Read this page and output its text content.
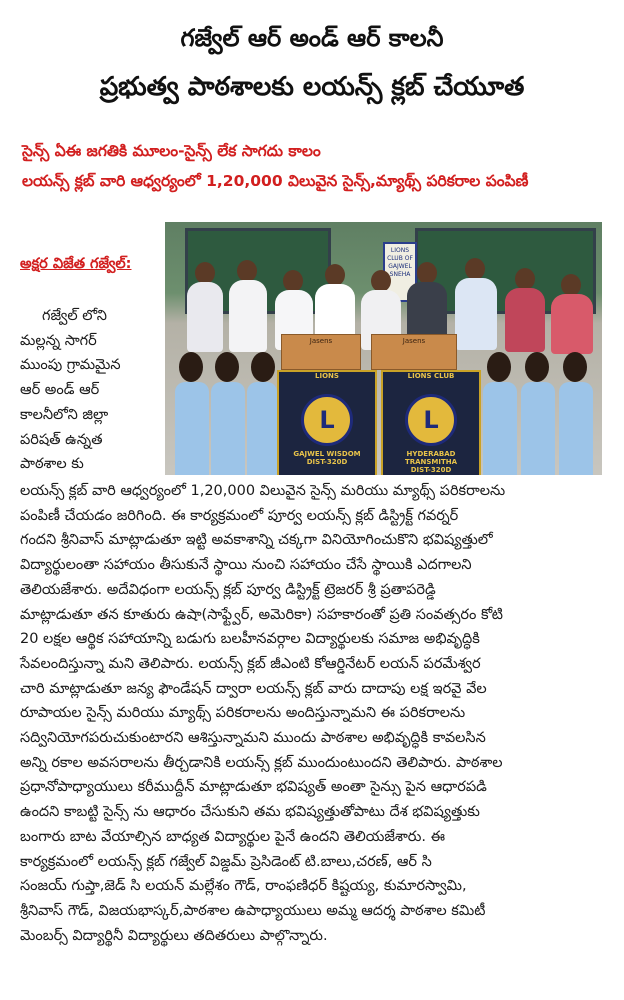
గజ్వేల్ ఆర్ అండ్ ఆర్ కాలనీ
ప్రభుత్వ పాఠశాలకు లయన్స్ క్లబ్ చేయూత
సైన్స్ ఏఈ జగతికి మూలం-సైన్స్ లేక సాగదు కాలం
లయన్స్ క్లబ్ వారి ఆధ్వర్యంలో 1,20,000 విలువైన సైన్స్,మ్యాథ్స్ పరికరాల పంపిణీ
LIONS CLUB OF GAJWEL SNEHA
Jasens	Jasens
LIONS
L
GAJWEL WISDOM
DIST-320D
LIONS CLUB
L
HYDERABAD TRANSMITHA
DIST-320D
అక్షర విజేత గజ్వేల్:

గజ్వేల్ లోని

మల్లన్న సాగర్

ముంపు గ్రామమైన

ఆర్ అండ్ ఆర్

కాలనీలోని జిల్లా

పరిషత్ ఉన్నత

పాఠశాల కు

లయన్స్ క్లబ్ వారి ఆధ్వర్యంలో 1,20,000 విలువైన సైన్స్ మరియు మ్యాథ్స్ పరికరాలను

పంపిణీ చేయడం జరిగింది. ఈ కార్యక్రమంలో పూర్వ లయన్స్ క్లబ్ డిస్ట్రిక్ట్ గవర్నర్

గందని శ్రీనివాస్ మాట్లాడుతూ ఇట్టి అవకాశాన్ని చక్కగా వినియోగించుకొని భవిష్యత్తులో

విద్యార్థులంతా సహాయం తీసుకునే స్థాయి నుంచి సహాయం చేసే స్థాయికి ఎదగాలని

తెలియజేశారు. అదేవిధంగా లయన్స్ క్లబ్ పూర్వ డిస్ట్రిక్ట్ ట్రెజరర్ శ్రీ ప్రతాపరెడ్డి

మాట్లాడుతూ తన కూతురు ఉషా(సాఫ్ట్వేర్, అమెరికా) సహకారంతో ప్రతి సంవత్సరం కోటి

20 లక్షల ఆర్థిక సహాయాన్ని బడుగు బలహీనవర్గాల విద్యార్థులకు సమాజ అభివృద్ధికి

సేవలందిస్తున్నా మని తెలిపారు. లయన్స్ క్లబ్ జీఎంటి కోఆర్డినేటర్ లయన్ పరమేశ్వర

చారి మాట్లాడుతూ జన్య ఫౌండేషన్ ద్వారా లయన్స్ క్లబ్ వారు దాదాపు లక్ష ఇరవై వేల

రూపాయల సైన్స్ మరియు మ్యాథ్స్ పరికరాలను అందిస్తున్నామని ఈ పరికరాలను

సద్వినియోగపరుచుకుంటారని ఆశిస్తున్నామని ముందు పాఠశాల అభివృద్ధికి కావలసిన

అన్ని రకాల అవసరాలను తీర్చడానికి లయన్స్ క్లబ్ ముందుంటుందని తెలిపారు. పాఠశాల

ప్రధానోపాధ్యాయులు కరీముద్దీన్ మాట్లాడుతూ భవిష్యత్ అంతా సైన్సు పైన ఆధారపడి

ఉందని కాబట్టి సైన్స్ ను ఆధారం చేసుకుని తమ భవిష్యత్తుతోపాటు దేశ భవిష్యత్తుకు

బంగారు బాట వేయాల్సిన బాధ్యత విద్యార్థుల పైనే ఉందని తెలియజేశారు. ఈ

కార్యక్రమంలో లయన్స్ క్లబ్ గజ్వేల్ విజ్డమ్ ప్రెసిడెంట్ టి.బాలు,చరణ్, ఆర్ సి

సంజయ్ గుప్తా,జెడ్ సి లయన్ మల్లేశం గౌడ్, రాంఫణిధర్ కిష్టయ్య, కుమారస్వామి,

శ్రీనివాస్ గౌడ్, విజయభాస్కర్,పాఠశాల ఉపాధ్యాయులు అమ్మ ఆదర్శ పాఠశాల కమిటీ

మెంబర్స్ విద్యార్థినీ విద్యార్థులు తదితరులు పాల్గొన్నారు.
